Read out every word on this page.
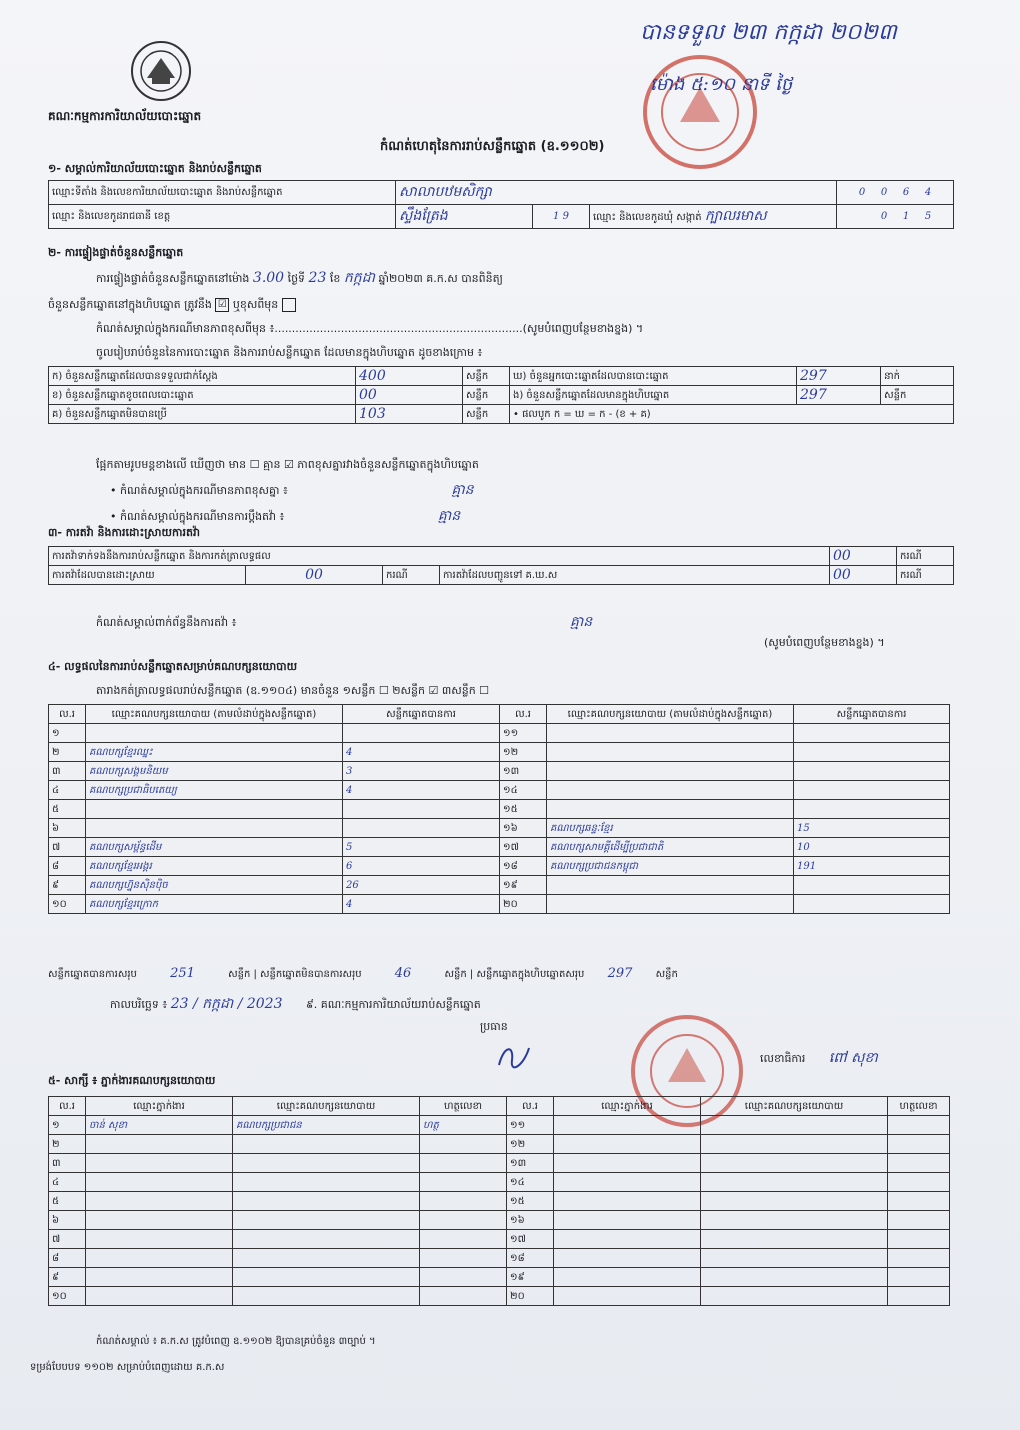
គណៈកម្មការការិយាល័យបោះឆ្នោត
បានទទួល ២៣ កក្កដា ២០២៣
ម៉ោង ៥:១០ នាទី ថ្ងៃ
កំណត់ហេតុនៃការរាប់សន្លឹកឆ្នោត (ឧ.១១០២)
១- សម្គាល់ការិយាល័យបោះឆ្នោត និងរាប់សន្លឹកឆ្នោត
ឈ្មោះទីតាំង និងលេខការិយាល័យបោះឆ្នោត និងរាប់សន្លឹកឆ្នោត	សាលាបឋមសិក្សា			0 0 6 4
ឈ្មោះ និងលេខកូដរាជធានី ខេត្ត	ស្ទឹងត្រែង	1 9	ឈ្មោះ និងលេខកូដឃុំ សង្កាត់ ក្បាលរមាស	0 1 5
២- ការផ្ទៀងផ្ទាត់ចំនួនសន្លឹកឆ្នោត
ការផ្ទៀងផ្ទាត់ចំនួនសន្លឹកឆ្នោតនៅម៉ោង 3.00 ថ្ងៃទី 23 ខែ កក្កដា ឆ្នាំ២០២៣ គ.ក.ស បានពិនិត្យ
ចំនួនសន្លឹកឆ្នោតនៅក្នុងហិបឆ្នោត ត្រូវនឹង ☑ ឬខុសពីមុន
កំណត់សម្គាល់ក្នុងករណីមានភាពខុសពីមុន ៖.......................................................................(សូមបំពេញបន្ថែមខាងខ្នង) ។
ចូលរៀបរាប់ចំនួននៃការបោះឆ្នោត និងការរាប់សន្លឹកឆ្នោត ដែលមានក្នុងហិបឆ្នោត ដូចខាងក្រោម ៖
ក) ចំនួនសន្លឹកឆ្នោតដែលបានទទួលជាក់ស្ដែង	400	សន្លឹក	ឃ) ចំនួនអ្នកបោះឆ្នោតដែលបានបោះឆ្នោត	297	នាក់
ខ) ចំនួនសន្លឹកឆ្នោតខូចពេលបោះឆ្នោត	00	សន្លឹក	ង) ចំនួនសន្លឹកឆ្នោតដែលមានក្នុងហិបឆ្នោត	297	សន្លឹក
គ) ចំនួនសន្លឹកឆ្នោតមិនបានប្រើ	103	សន្លឹក	• ផលបូក ក = ឃ = ក - (ខ + គ)		
ផ្អែកតាមរូបមន្តខាងលើ ឃើញថា មាន ☐ គ្មាន ☑ ភាពខុសគ្នារវាងចំនួនសន្លឹកឆ្នោតក្នុងហិបឆ្នោត
• កំណត់សម្គាល់ក្នុងករណីមានភាពខុសគ្នា ៖	គ្មាន
• កំណត់សម្គាល់ក្នុងករណីមានការប្ដឹងតវ៉ា ៖	គ្មាន
៣- ការតវ៉ា និងការដោះស្រាយការតវ៉ា
ការតវ៉ាទាក់ទងនឹងការរាប់សន្លឹកឆ្នោត និងការកត់ត្រាលទ្ធផល				00	ករណី
ការតវ៉ាដែលបានដោះស្រាយ	00	ករណី	ការតវ៉ាដែលបញ្ជូនទៅ គ.ឃ.ស	00	ករណី
កំណត់សម្គាល់ពាក់ព័ន្ធនឹងការតវ៉ា ៖	គ្មាន
(សូមបំពេញបន្ថែមខាងខ្នង) ។
៤- លទ្ធផលនៃការរាប់សន្លឹកឆ្នោតសម្រាប់គណបក្សនយោបាយ
តារាងកត់ត្រាលទ្ធផលរាប់សន្លឹកឆ្នោត (ឧ.១១០៤) មានចំនួន ១សន្លឹក ☐ ២សន្លឹក ☑ ៣សន្លឹក ☐
ល.រ	ឈ្មោះគណបក្សនយោបាយ (តាមលំដាប់ក្នុងសន្លឹកឆ្នោត)	សន្លឹកឆ្នោតបានការ	ល.រ	ឈ្មោះគណបក្សនយោបាយ (តាមលំដាប់ក្នុងសន្លឹកឆ្នោត)	សន្លឹកឆ្នោតបានការ
១			១១		
២	គណបក្សខ្មែរឈ្នះ	4	១២		
៣	គណបក្សសង្គមនិយម	3	១៣		
៤	គណបក្សប្រជាធិបតេយ្យ	4	១៤		
៥			១៥		
៦			១៦	គណបក្សឆន្ទៈខ្មែរ	15
៧	គណបក្សសម្ព័ន្ធដើម	5	១៧	គណបក្សសាមគ្គីដើម្បីប្រជាជាតិ	10
៨	គណបក្សខ្មែរអង្គរ	6	១៨	គណបក្សប្រជាជនកម្ពុជា	191
៩	គណបក្សហ្វ៊ុនស៊ិនប៉ិច	26	១៩		
១០	គណបក្សខ្មែរក្រោក	4	២០		
សន្លឹកឆ្នោតបានការសរុប	251	សន្លឹក | សន្លឹកឆ្នោតមិនបានការសរុប	46	សន្លឹក | សន្លឹកឆ្នោតក្នុងហិបឆ្នោតសរុប 297 សន្លឹក
កាលបរិច្ឆេទ ៖ 23 / កក្កដា / 2023 ៩. គណៈកម្មការការិយាល័យរាប់សន្លឹកឆ្នោត
ប្រធាន
លេខាធិការ ពៅ សុខា
៥- សាក្សី ៖ ភ្នាក់ងារគណបក្សនយោបាយ
ល.រ	ឈ្មោះភ្នាក់ងារ	ឈ្មោះគណបក្សនយោបាយ	ហត្ថលេខា	ល.រ	ឈ្មោះភ្នាក់ងារ	ឈ្មោះគណបក្សនយោបាយ	ហត្ថលេខា
១	ចាន់ សុខា	គណបក្សប្រជាជន	ហត្ថ	១១			
២				១២			
៣				១៣			
៤				១៤			
៥				១៥			
៦				១៦			
៧				១៧			
៨				១៨			
៩				១៩			
១០				២០			
កំណត់សម្គាល់ ៖ គ.ក.ស ត្រូវបំពេញ ឧ.១១០២ ឱ្យបានគ្រប់ចំនួន ៣ច្បាប់ ។
ទម្រង់បែបបទ ១១០២ សម្រាប់បំពេញដោយ គ.ក.ស
